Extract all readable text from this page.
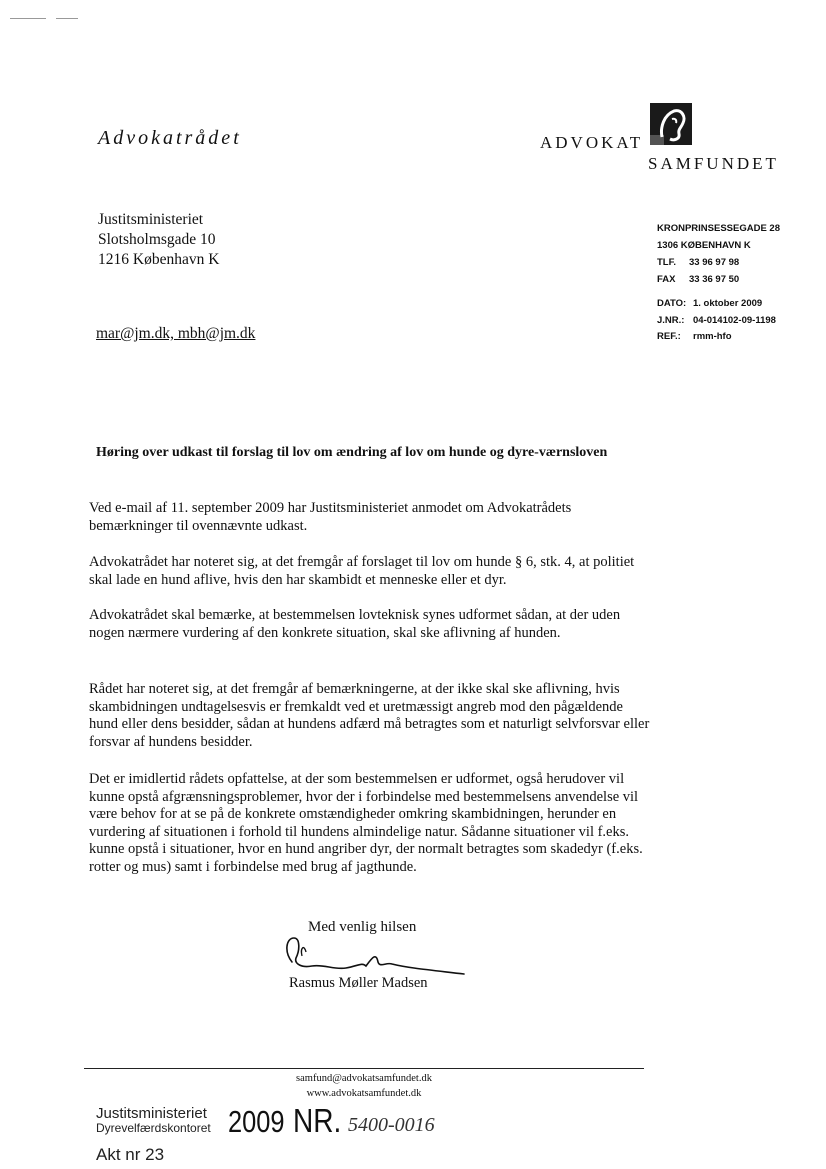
Advokatrådet	ADVOKAT
SAMFUNDET
Justitsministeriet
Slotsholmsgade 10
1216 København K
mar@jm.dk, mbh@jm.dk
KRONPRINSESSEGADE 28
1306 KØBENHAVN K
TLF.	33 96 97 98
FAX	33 36 97 50
DATO: 1. oktober 2009
J.NR.: 04-014102-09-1198
REF.:	rmm-hfo
Høring over udkast til forslag til lov om ændring af lov om hunde og dyre-værnsloven
Ved e-mail af 11. september 2009 har Justitsministeriet anmodet om Advokatrådets bemærkninger til ovennævnte udkast.
Advokatrådet har noteret sig, at det fremgår af forslaget til lov om hunde § 6, stk. 4, at politiet skal lade en hund aflive, hvis den har skambidt et menneske eller et dyr.
Advokatrådet skal bemærke, at bestemmelsen lovteknisk synes udformet sådan, at der uden nogen nærmere vurdering af den konkrete situation, skal ske aflivning af hunden.
Rådet har noteret sig, at det fremgår af bemærkningerne, at der ikke skal ske aflivning, hvis skambidningen undtagelsesvis er fremkaldt ved et uretmæssigt angreb mod den pågældende hund eller dens besidder, sådan at hundens adfærd må betragtes som et naturligt selvforsvar eller forsvar af hundens besidder.
Det er imidlertid rådets opfattelse, at der som bestemmelsen er udformet, også herudover vil kunne opstå afgrænsningsproblemer, hvor der i forbindelse med bestemmelsens anvendelse vil være behov for at se på de konkrete omstændigheder omkring skambidningen, herunder en vurdering af situationen i forhold til hundens almindelige natur. Sådanne situationer vil f.eks. kunne opstå i situationer, hvor en hund angriber dyr, der normalt betragtes som skadedyr (f.eks. rotter og mus) samt i forbindelse med brug af jagthunde.
Med venlig hilsen
Rasmus Møller Madsen
samfund@advokatsamfundet.dk
www.advokatsamfundet.dk
Justitsministeriet
Dyrevelfærdskontoret 2009 NR. 5400-0016
Akt nr 23
